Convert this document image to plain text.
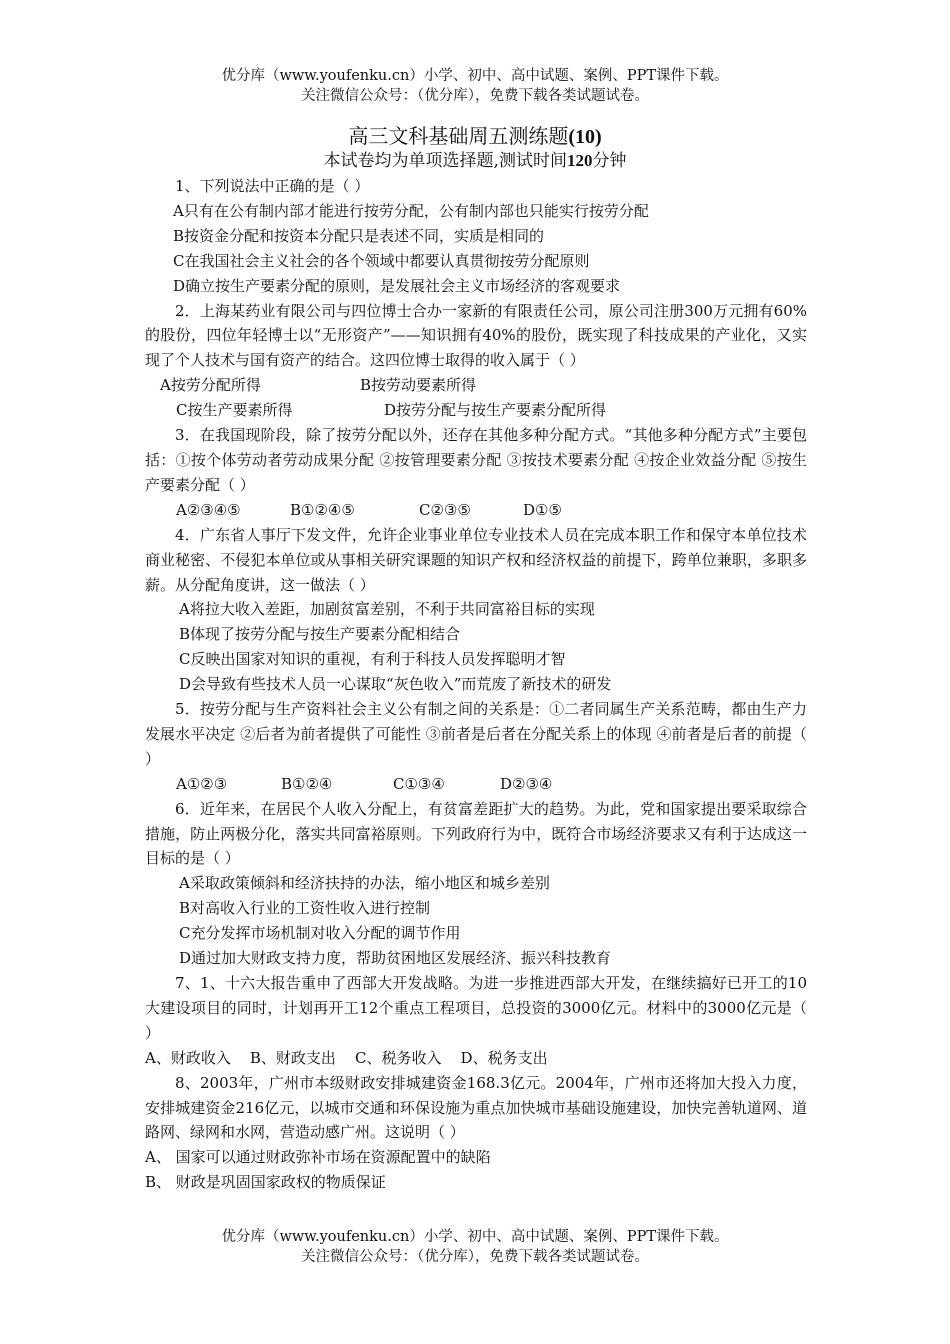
优分库（www.youfenku.cn）小学、初中、高中试题、案例、PPT课件下载。
关注微信公众号：（优分库），免费下载各类试题试卷。
高三文科基础周五测练题(10)
本试卷均为单项选择题,测试时间120分钟

1、下列说法中正确的是（ ）

A只有在公有制内部才能进行按劳分配，公有制内部也只能实行按劳分配

B按资金分配和按资本分配只是表述不同，实质是相同的

C在我国社会主义社会的各个领域中都要认真贯彻按劳分配原则

D确立按生产要素分配的原则，是发展社会主义市场经济的客观要求

2．上海某药业有限公司与四位博士合办一家新的有限责任公司，原公司注册300万元拥有60%的股份，四位年轻博士以“无形资产”——知识拥有40%的股份，既实现了科技成果的产业化，又实现了个人技术与国有资产的结合。这四位博士取得的收入属于（ ）

A按劳分配所得	B按劳动要素所得

C按生产要素所得	D按劳分配与按生产要素分配所得

3．在我国现阶段，除了按劳分配以外，还存在其他多种分配方式。“其他多种分配方式”主要包括：①按个体劳动者劳动成果分配 ②按管理要素分配 ③按技术要素分配 ④按企业效益分配 ⑤按生产要素分配（ ）

A②③④⑤	B①②④⑤	C②③⑤	D①⑤

4．广东省人事厅下发文件，允许企业事业单位专业技术人员在完成本职工作和保守本单位技术商业秘密、不侵犯本单位或从事相关研究课题的知识产权和经济权益的前提下，跨单位兼职，多职多薪。从分配角度讲，这一做法（ ）

A将拉大收入差距，加剧贫富差别，不利于共同富裕目标的实现

B体现了按劳分配与按生产要素分配相结合

C反映出国家对知识的重视，有利于科技人员发挥聪明才智

D会导致有些技术人员一心谋取“灰色收入”而荒废了新技术的研发

5．按劳分配与生产资料社会主义公有制之间的关系是：①二者同属生产关系范畴，都由生产力发展水平决定 ②后者为前者提供了可能性 ③前者是后者在分配关系上的体现 ④前者是后者的前提（ ）

A①②③	B①②④	C①③④	D②③④

6．近年来，在居民个人收入分配上，有贫富差距扩大的趋势。为此，党和国家提出要采取综合措施，防止两极分化，落实共同富裕原则。下列政府行为中，既符合市场经济要求又有利于达成这一目标的是（ ）

A采取政策倾斜和经济扶持的办法，缩小地区和城乡差别

B对高收入行业的工资性收入进行控制

C充分发挥市场机制对收入分配的调节作用

D通过加大财政支持力度，帮助贫困地区发展经济、振兴科技教育

7、1、十六大报告重申了西部大开发战略。为进一步推进西部大开发，在继续搞好已开工的10大建设项目的同时，计划再开工12个重点工程项目，总投资的3000亿元。材料中的3000亿元是（ ）

A、财政收入    B、财政支出    C、税务收入    D、税务支出

8、2003年，广州市本级财政安排城建资金168.3亿元。2004年，广州市还将加大投入力度，安排城建资金216亿元，以城市交通和环保设施为重点加快城市基础设施建设，加快完善轨道网、道路网、绿网和水网，营造动感广州。这说明（ ）

A、 国家可以通过财政弥补市场在资源配置中的缺陷

B、 财政是巩固国家政权的物质保证

优分库（www.youfenku.cn）小学、初中、高中试题、案例、PPT课件下载。
关注微信公众号：（优分库），免费下载各类试题试卷。
